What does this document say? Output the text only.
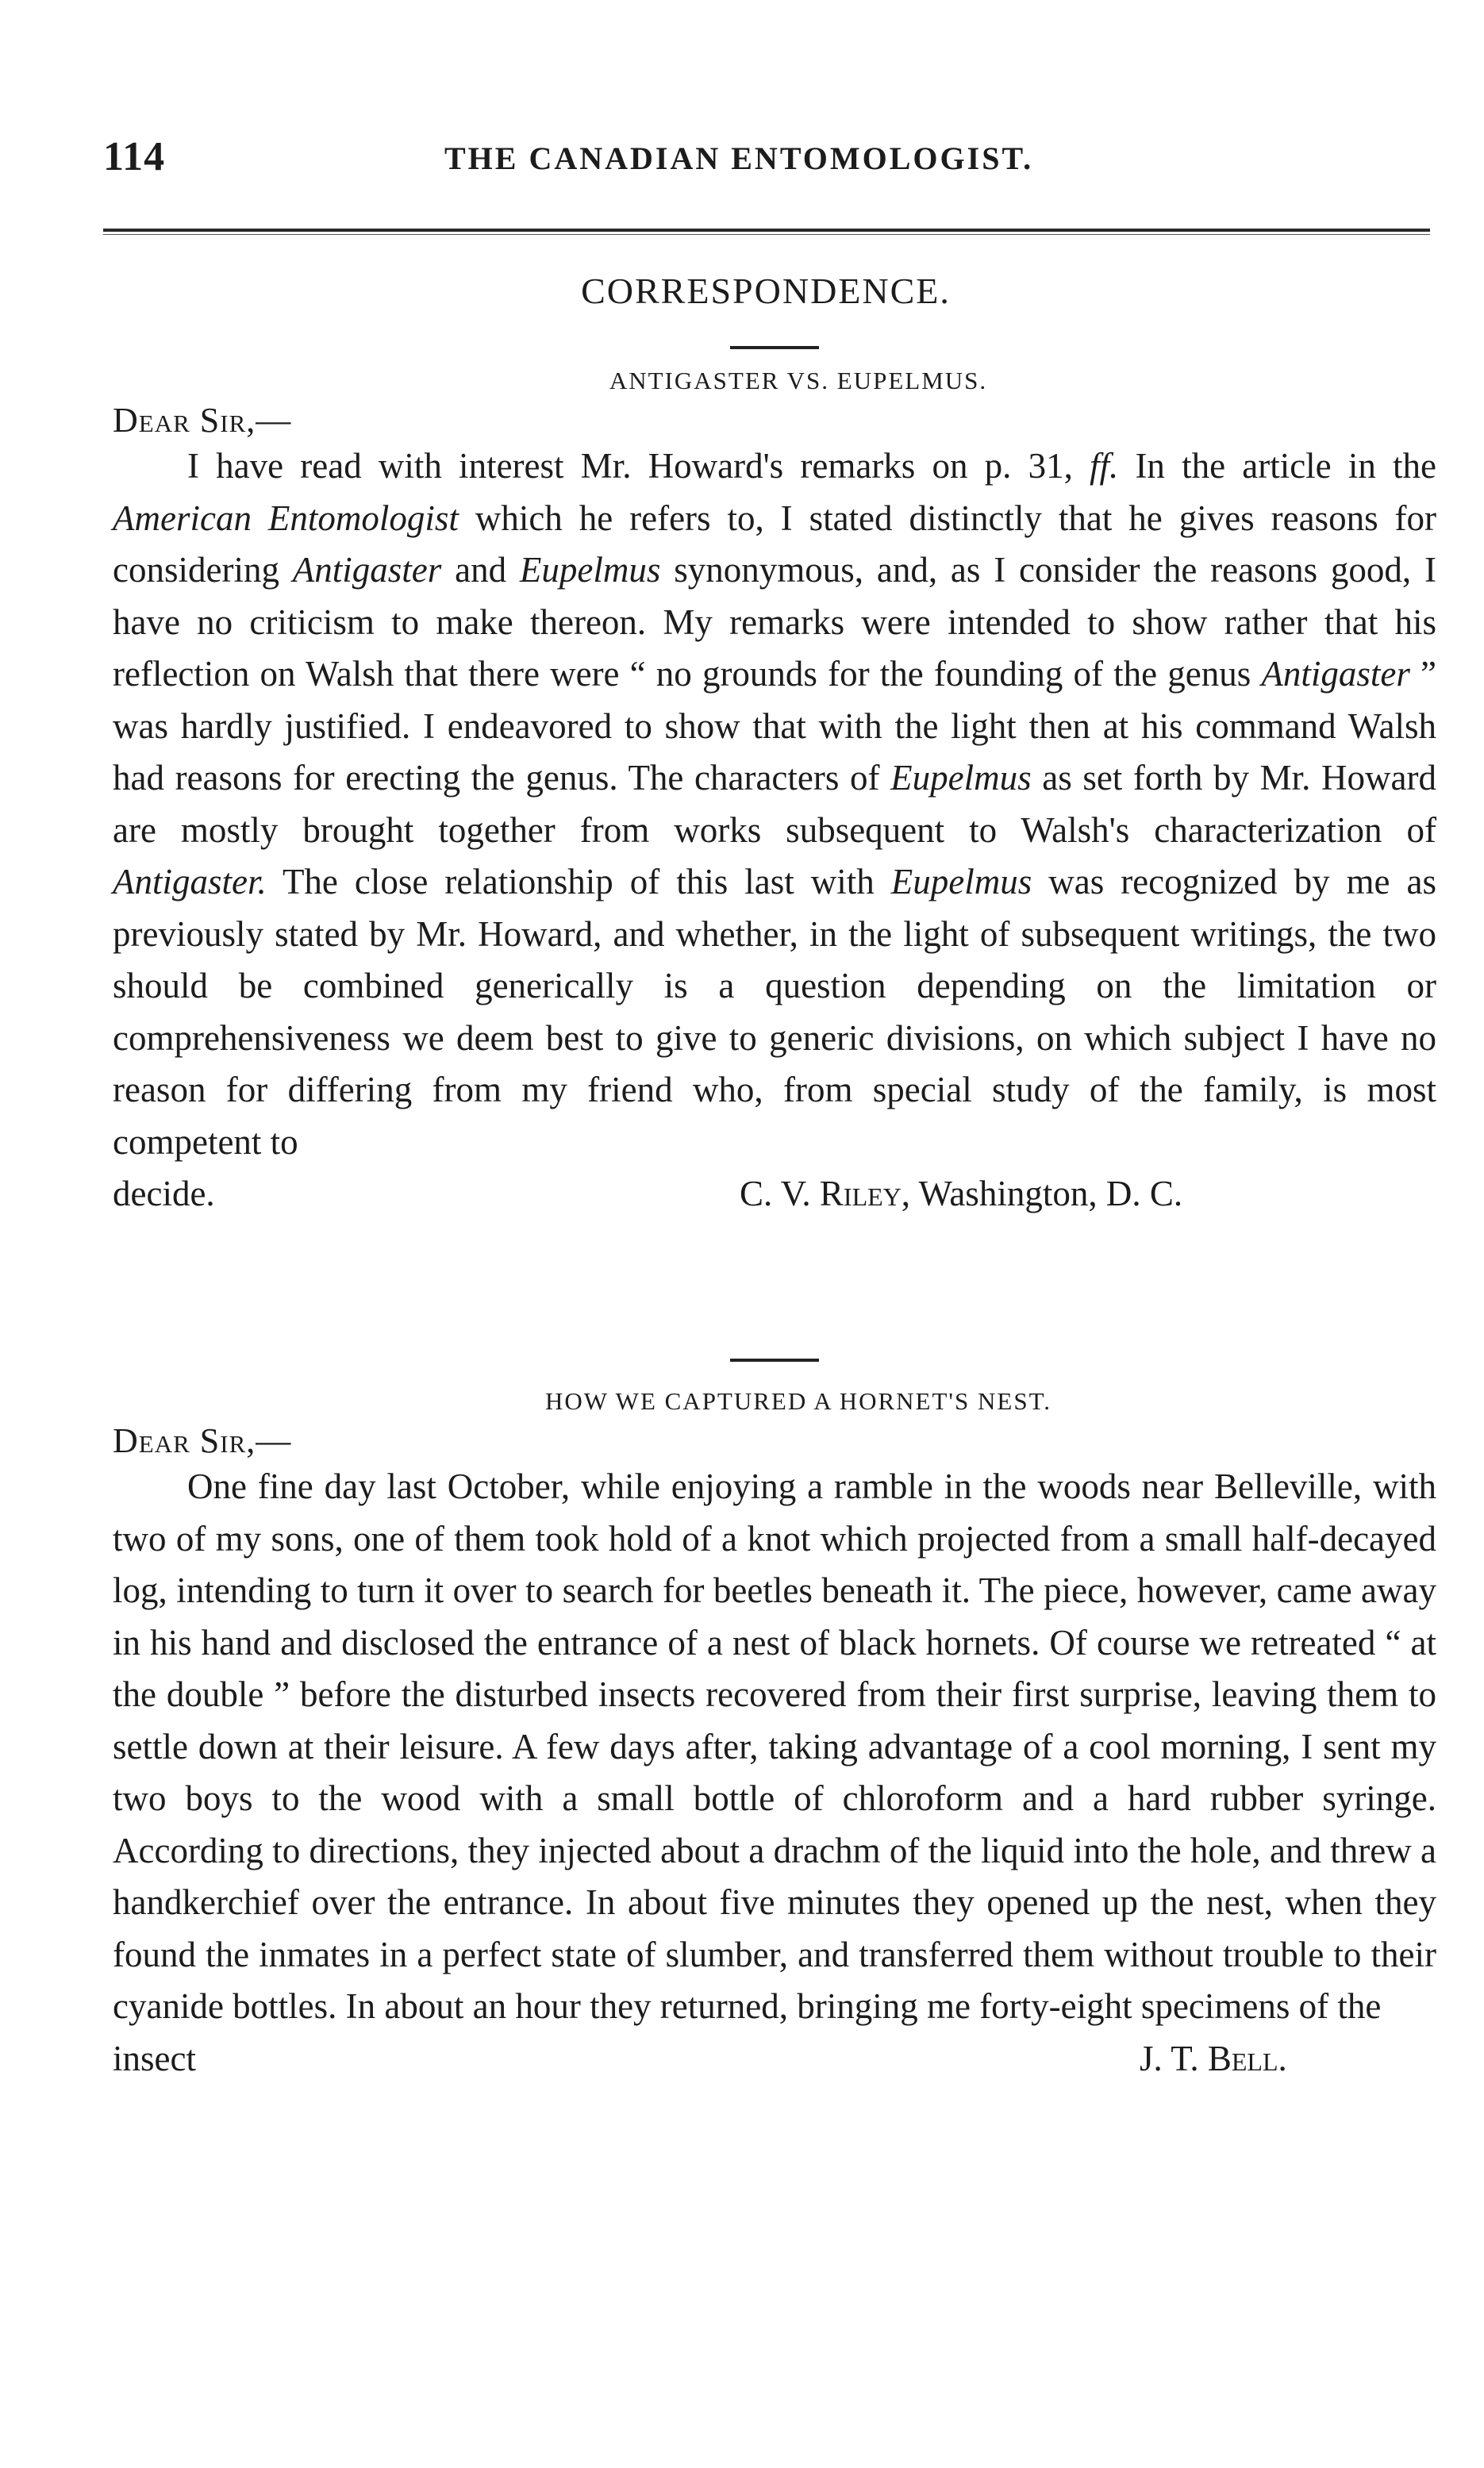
114	THE CANADIAN ENTOMOLOGIST.
CORRESPONDENCE.

ANTIGASTER VS. EUPELMUS.

Dear Sir,—

I have read with interest Mr. Howard's remarks on p. 31, ff. In the article in the American Entomologist which he refers to, I stated distinctly that he gives reasons for considering Antigaster and Eupelmus synonymous, and, as I consider the reasons good, I have no criticism to make thereon. My remarks were intended to show rather that his reflection on Walsh that there were “ no grounds for the founding of the genus Antigaster ” was hardly justified. I endeavored to show that with the light then at his command Walsh had reasons for erecting the genus. The characters of Eupelmus as set forth by Mr. Howard are mostly brought together from works subsequent to Walsh's characterization of Antigaster. The close relationship of this last with Eupelmus was recognized by me as previously stated by Mr. Howard, and whether, in the light of subsequent writings, the two should be combined generically is a question depending on the limitation or comprehensiveness we deem best to give to generic divisions, on which subject I have no reason for differing from my friend who, from special study of the family, is most competent to

decide.	C. V. Riley, Washington, D. C.

HOW WE CAPTURED A HORNET'S NEST.

Dear Sir,—

One fine day last October, while enjoying a ramble in the woods near Belleville, with two of my sons, one of them took hold of a knot which projected from a small half-decayed log, intending to turn it over to search for beetles beneath it. The piece, however, came away in his hand and disclosed the entrance of a nest of black hornets. Of course we retreated “ at the double ” before the disturbed insects recovered from their first surprise, leaving them to settle down at their leisure. A few days after, taking advantage of a cool morning, I sent my two boys to the wood with a small bottle of chloroform and a hard rubber syringe. According to directions, they injected about a drachm of the liquid into the hole, and threw a handkerchief over the entrance. In about five minutes they opened up the nest, when they found the inmates in a perfect state of slumber, and transferred them without trouble to their cyanide bottles. In about an hour they returned, bringing me forty-eight specimens of the

insect	J. T. Bell.
